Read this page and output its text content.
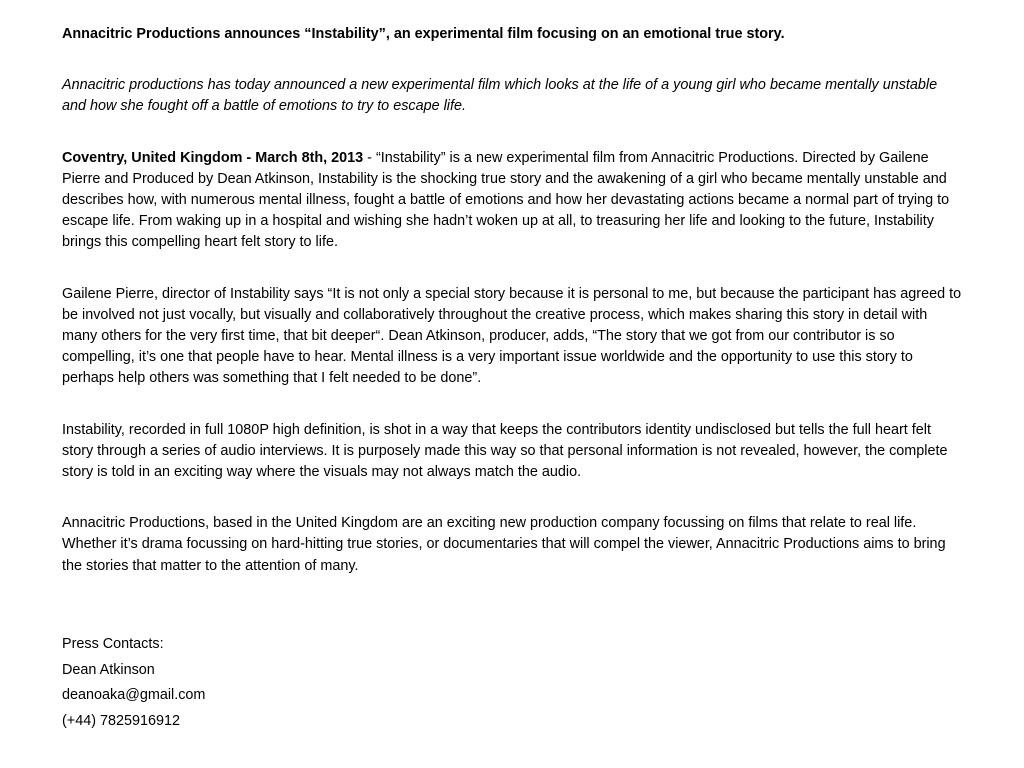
Annacitric Productions announces “Instability”, an experimental film focusing on an emotional true story.

Annacitric productions has today announced a new experimental film which looks at the life of a young girl who became mentally unstable and how she fought off a battle of emotions to try to escape life.

Coventry, United Kingdom - March 8th, 2013 - “Instability” is a new experimental film from Annacitric Productions. Directed by Gailene Pierre and Produced by Dean Atkinson, Instability is the shocking true story and the awakening of a girl who became mentally unstable and describes how, with numerous mental illness, fought a battle of emotions and how her devastating actions became a normal part of trying to escape life. From waking up in a hospital and wishing she hadn’t woken up at all, to treasuring her life and looking to the future, Instability brings this compelling heart felt story to life.

Gailene Pierre, director of Instability says “It is not only a special story because it is personal to me, but because the participant has agreed to be involved not just vocally, but visually and collaboratively throughout the creative process, which makes sharing this story in detail with many others for the very first time, that bit deeper“. Dean Atkinson, producer, adds, “The story that we got from our contributor is so compelling, it’s one that people have to hear. Mental illness is a very important issue worldwide and the opportunity to use this story to perhaps help others was something that I felt needed to be done”.

Instability, recorded in full 1080P high definition, is shot in a way that keeps the contributors identity undisclosed but tells the full heart felt story through a series of audio interviews. It is purposely made this way so that personal information is not revealed, however, the complete story is told in an exciting way where the visuals may not always match the audio.

Annacitric Productions, based in the United Kingdom are an exciting new production company focussing on films that relate to real life. Whether it’s drama focussing on hard-hitting true stories, or documentaries that will compel the viewer, Annacitric Productions aims to bring the stories that matter to the attention of many.

Press Contacts:
Dean Atkinson
deanoaka@gmail.com
(+44) 7825916912
